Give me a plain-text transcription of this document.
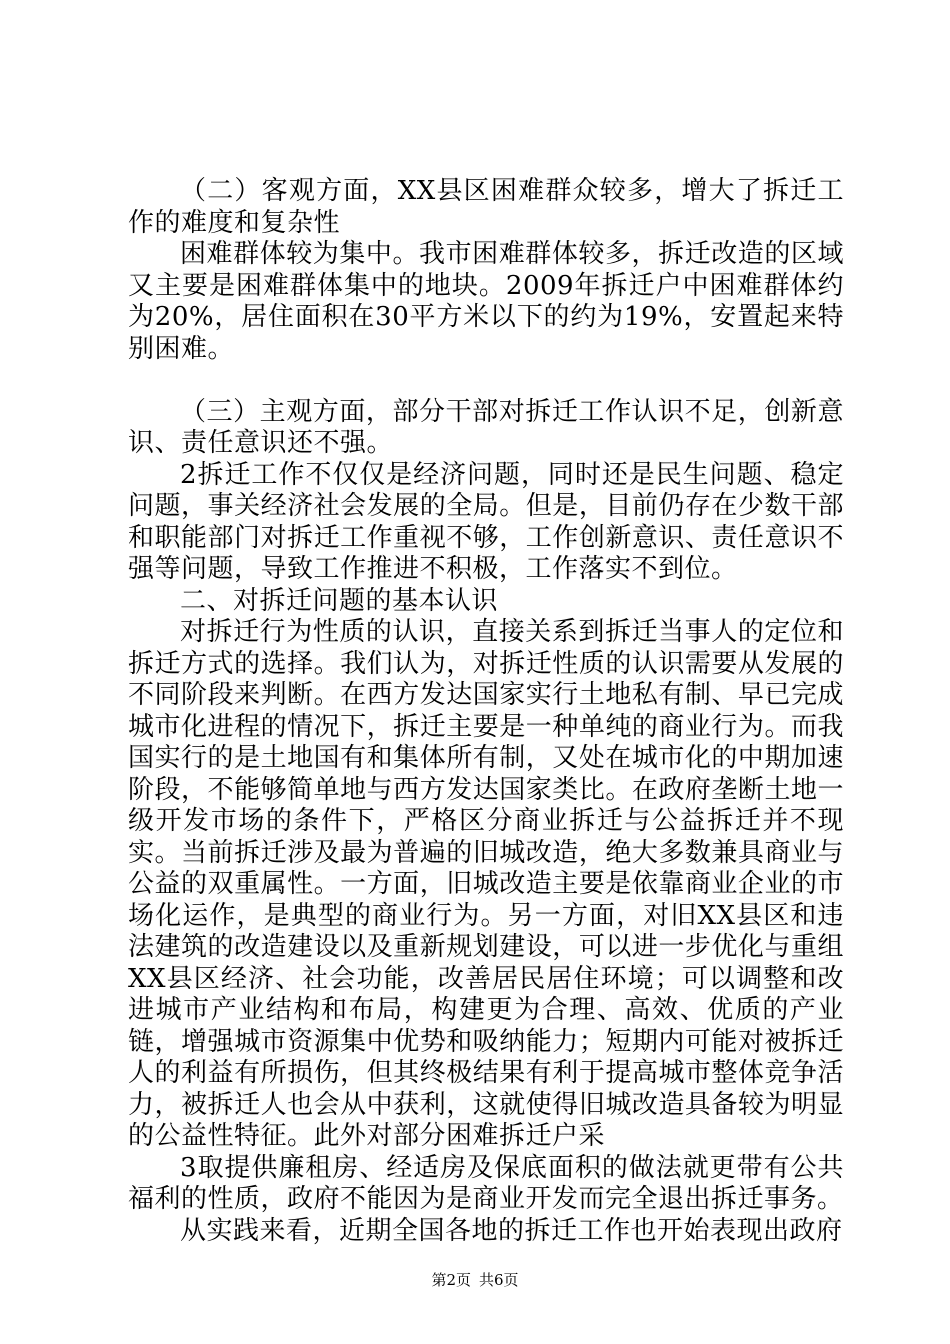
（二）客观方面，XX县区困难群众较多，增大了拆迁工作的难度和复杂性

困难群体较为集中。我市困难群体较多，拆迁改造的区域又主要是困难群体集中的地块。2009年拆迁户中困难群体约为20%，居住面积在30平方米以下的约为19%，安置起来特别困难。

（三）主观方面，部分干部对拆迁工作认识不足，创新意识、责任意识还不强。

2拆迁工作不仅仅是经济问题，同时还是民生问题、稳定问题，事关经济社会发展的全局。但是，目前仍存在少数干部和职能部门对拆迁工作重视不够，工作创新意识、责任意识不强等问题，导致工作推进不积极，工作落实不到位。

二、对拆迁问题的基本认识

对拆迁行为性质的认识，直接关系到拆迁当事人的定位和拆迁方式的选择。我们认为，对拆迁性质的认识需要从发展的不同阶段来判断。在西方发达国家实行土地私有制、早已完成城市化进程的情况下，拆迁主要是一种单纯的商业行为。而我国实行的是土地国有和集体所有制，又处在城市化的中期加速阶段，不能够简单地与西方发达国家类比。在政府垄断土地一级开发市场的条件下，严格区分商业拆迁与公益拆迁并不现实。当前拆迁涉及最为普遍的旧城改造，绝大多数兼具商业与公益的双重属性。一方面，旧城改造主要是依靠商业企业的市场化运作，是典型的商业行为。另一方面，对旧XX县区和违法建筑的改造建设以及重新规划建设，可以进一步优化与重组XX县区经济、社会功能，改善居民居住环境；可以调整和改进城市产业结构和布局，构建更为合理、高效、优质的产业链，增强城市资源集中优势和吸纳能力；短期内可能对被拆迁人的利益有所损伤，但其终极结果有利于提高城市整体竞争活力，被拆迁人也会从中获利，这就使得旧城改造具备较为明显的公益性特征。此外对部分困难拆迁户采

3取提供廉租房、经适房及保底面积的做法就更带有公共福利的性质，政府不能因为是商业开发而完全退出拆迁事务。

从实践来看，近期全国各地的拆迁工作也开始表现出政府

第2页 共6页
